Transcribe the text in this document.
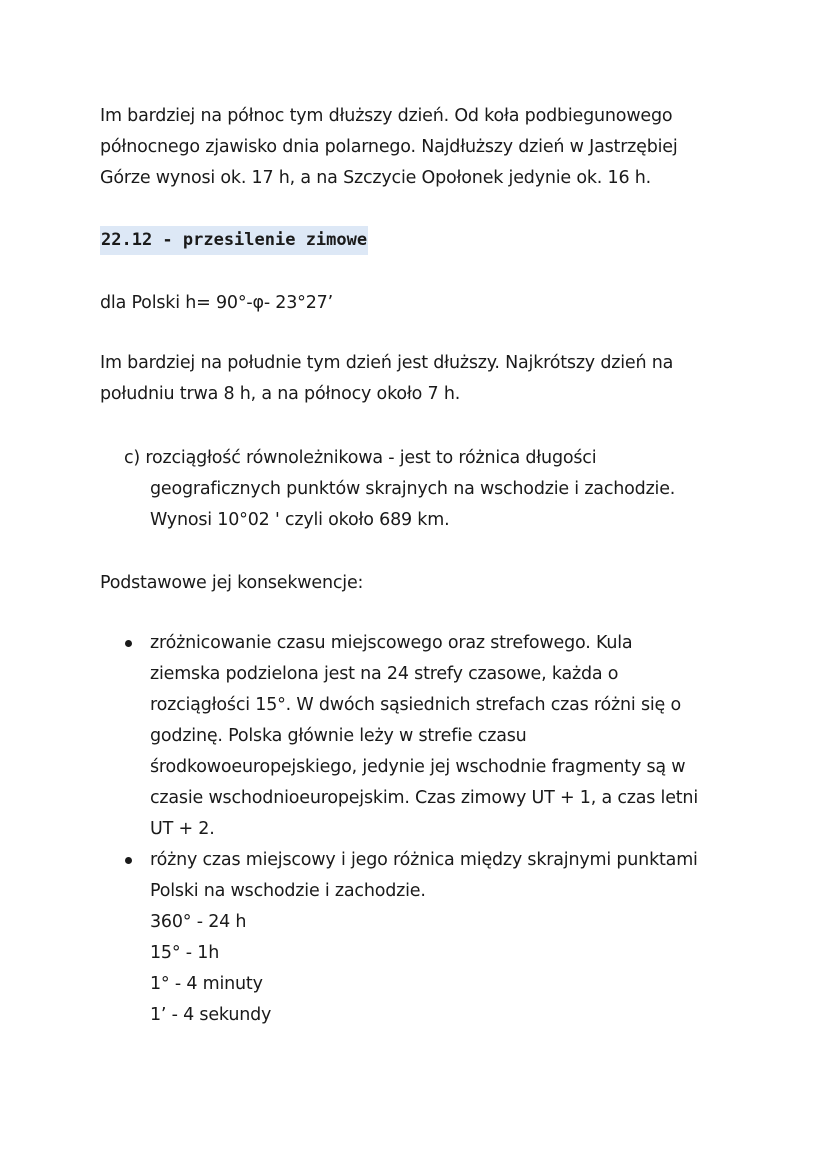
Im bardziej na północ tym dłuższy dzień. Od koła podbiegunowego
północnego zjawisko dnia polarnego. Najdłuższy dzień w Jastrzębiej
Górze wynosi ok. 17 h, a na Szczycie Opołonek jedynie ok. 16 h.
22.12 - przesilenie zimowe
dla Polski h= 90°-φ- 23°27’
Im bardziej na południe tym dzień jest dłuższy. Najkrótszy dzień na
południu trwa 8 h, a na północy około 7 h.
c) rozciągłość równoleżnikowa - jest to różnica długości
geograficznych punktów skrajnych na wschodzie i zachodzie.
Wynosi 10°02 ' czyli około 689 km.
Podstawowe jej konsekwencje:
zróżnicowanie czasu miejscowego oraz strefowego. Kula
ziemska podzielona jest na 24 strefy czasowe, każda o
rozciągłości 15°. W dwóch sąsiednich strefach czas różni się o
godzinę. Polska głównie leży w strefie czasu
środkowoeuropejskiego, jedynie jej wschodnie fragmenty są w
czasie wschodnioeuropejskim. Czas zimowy UT + 1, a czas letni
UT + 2.
różny czas miejscowy i jego różnica między skrajnymi punktami
Polski na wschodzie i zachodzie.
360° - 24 h
15° - 1h
1° - 4 minuty
1’ - 4 sekundy
